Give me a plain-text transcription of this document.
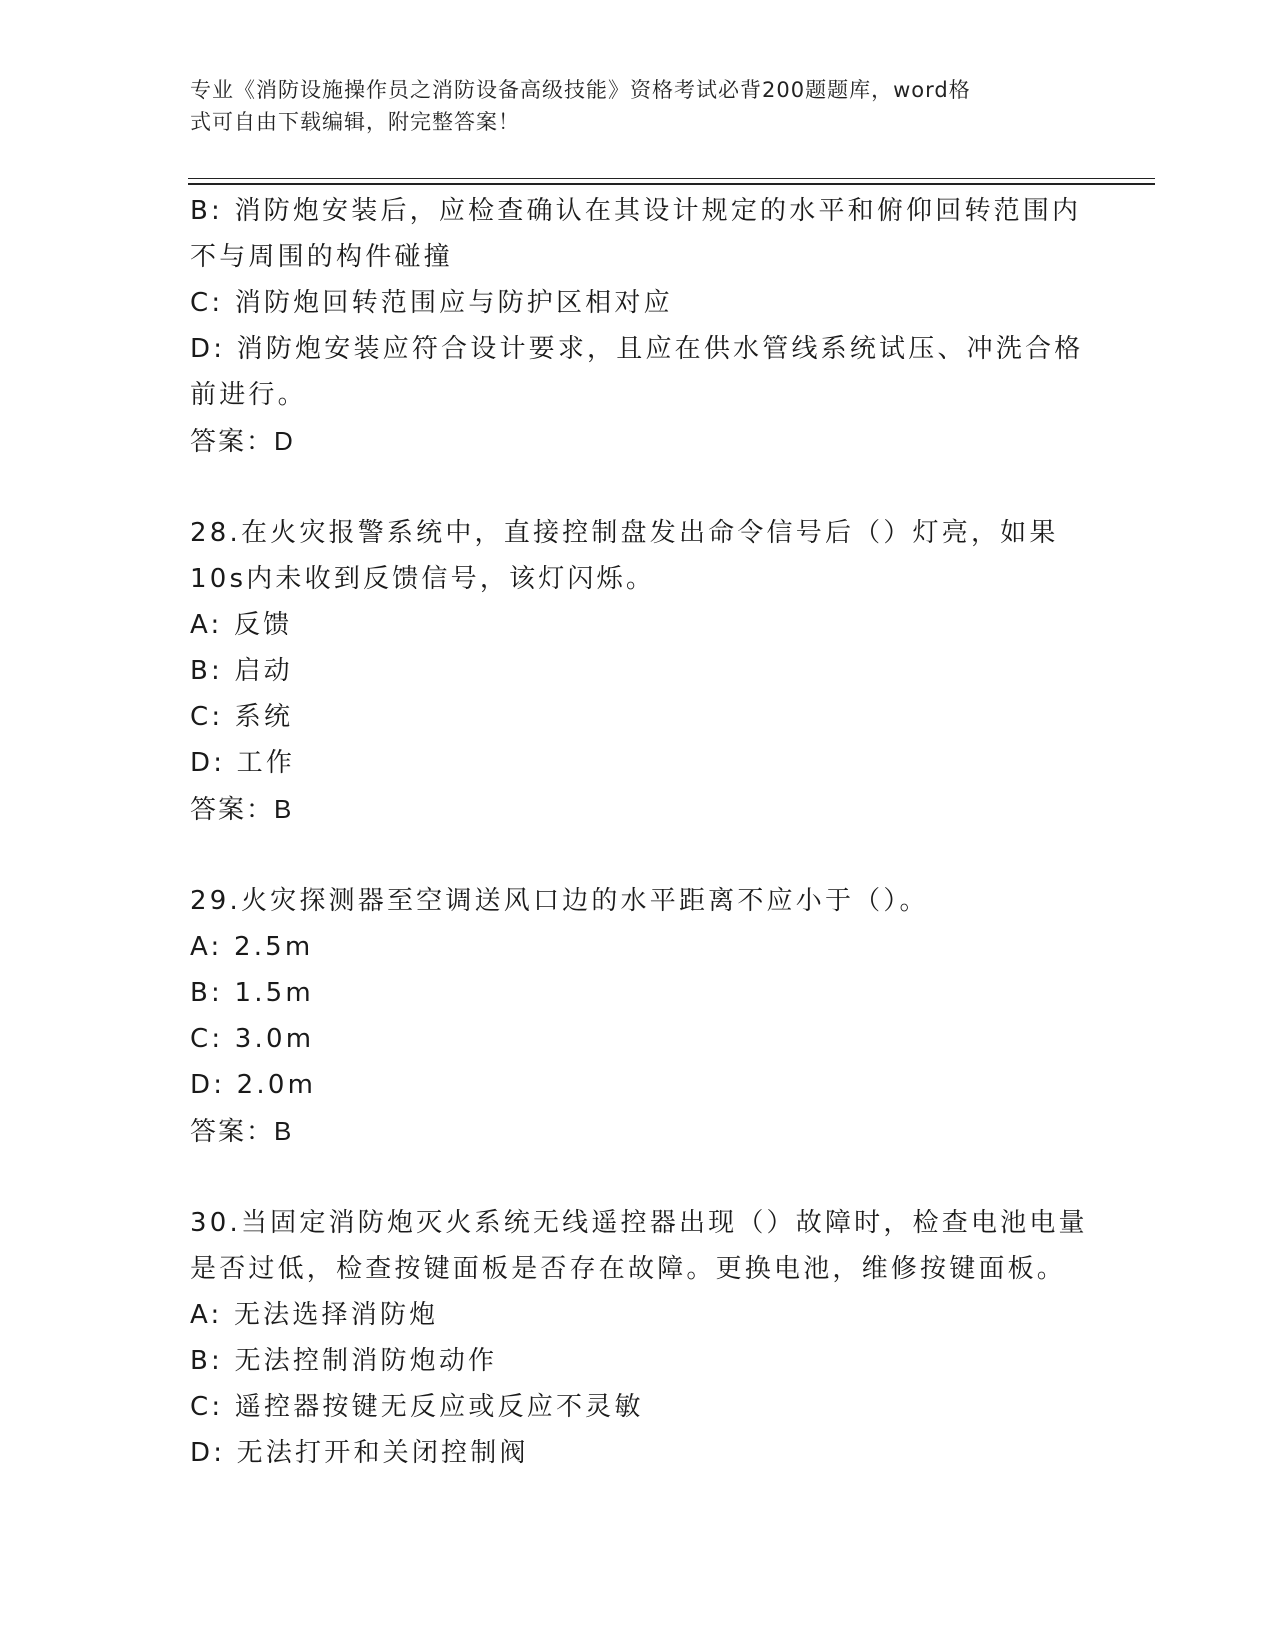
专业《消防设施操作员之消防设备高级技能》资格考试必背200题题库，word格
式可自由下载编辑，附完整答案！
B: 消防炮安装后，应检查确认在其设计规定的水平和俯仰回转范围内
不与周围的构件碰撞
C: 消防炮回转范围应与防护区相对应
D: 消防炮安装应符合设计要求，且应在供水管线系统试压、冲洗合格
前进行。
答案：D
28.在火灾报警系统中，直接控制盘发出命令信号后（）灯亮，如果
10s内未收到反馈信号，该灯闪烁。
A: 反馈
B: 启动
C: 系统
D: 工作
答案：B
29.火灾探测器至空调送风口边的水平距离不应小于（）。
A: 2.5m
B: 1.5m
C: 3.0m
D: 2.0m
答案：B
30.当固定消防炮灭火系统无线遥控器出现（）故障时，检查电池电量
是否过低，检查按键面板是否存在故障。更换电池，维修按键面板。
A: 无法选择消防炮
B: 无法控制消防炮动作
C: 遥控器按键无反应或反应不灵敏
D: 无法打开和关闭控制阀
